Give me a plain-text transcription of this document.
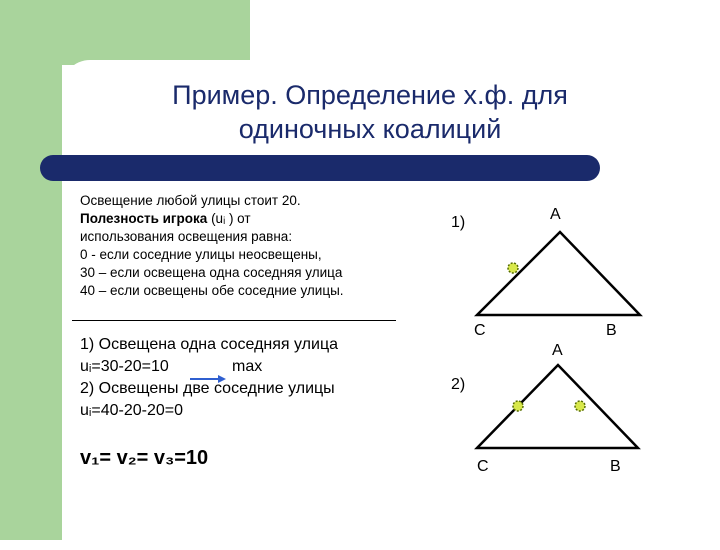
Пример. Определение х.ф. для
одиночных коалиций
Освещение любой улицы стоит 20.
Полезность игрока (uᵢ ) от
использования освещения равна:
0 - если соседние улицы неосвещены,
30 – если освещена одна соседняя улица
40 – если освещены обе соседние улицы.
1) Освещена одна соседняя улица
uᵢ=30-20=10	max
2) Освещены две соседние улицы
uᵢ=40-20-20=0
v₁= v₂= v₃=10
1)	A
C	B
2)
A
C	B
